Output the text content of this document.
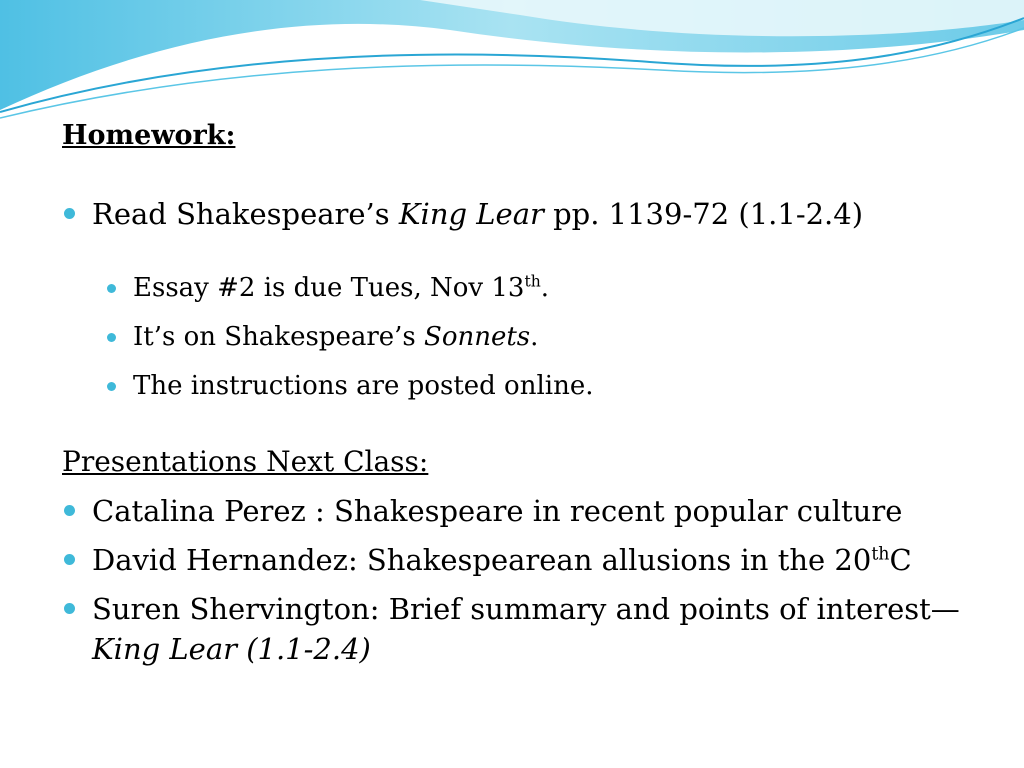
Homework:
Read Shakespeare’s King Lear pp. 1139-72 (1.1-2.4)
Essay #2 is due Tues, Nov 13th.
It’s on Shakespeare’s Sonnets.
The instructions are posted online.
Presentations Next Class:
Catalina Perez : Shakespeare in recent popular culture
David Hernandez: Shakespearean allusions in the 20thC
Suren Shervington: Brief summary and points of interest—
King Lear (1.1-2.4)
